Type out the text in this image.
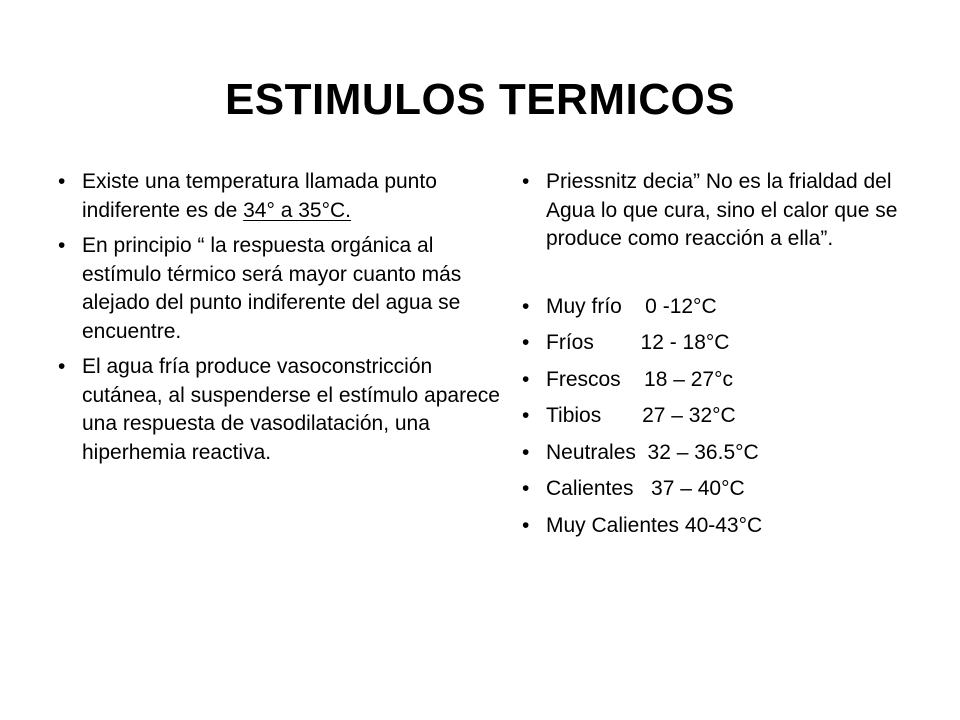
ESTIMULOS TERMICOS
• Existe una temperatura llamada punto indiferente es de 34° a 35°C.
• En principio “ la respuesta orgánica al estímulo térmico será mayor cuanto más alejado del punto indiferente del agua se encuentre.
• El agua fría produce vasoconstricción cutánea, al suspenderse el estímulo aparece una respuesta de vasodilatación, una hiperhemia reactiva.
• Priessnitz decia” No es la frialdad del Agua lo que cura, sino el calor que se produce como reacción a ella”.
• Muy frío    0 -12°C
• Fríos        12 - 18°C
• Frescos    18 – 27°c
• Tibios       27 – 32°C
• Neutrales  32 – 36.5°C
• Calientes   37 – 40°C
• Muy Calientes 40-43°C
